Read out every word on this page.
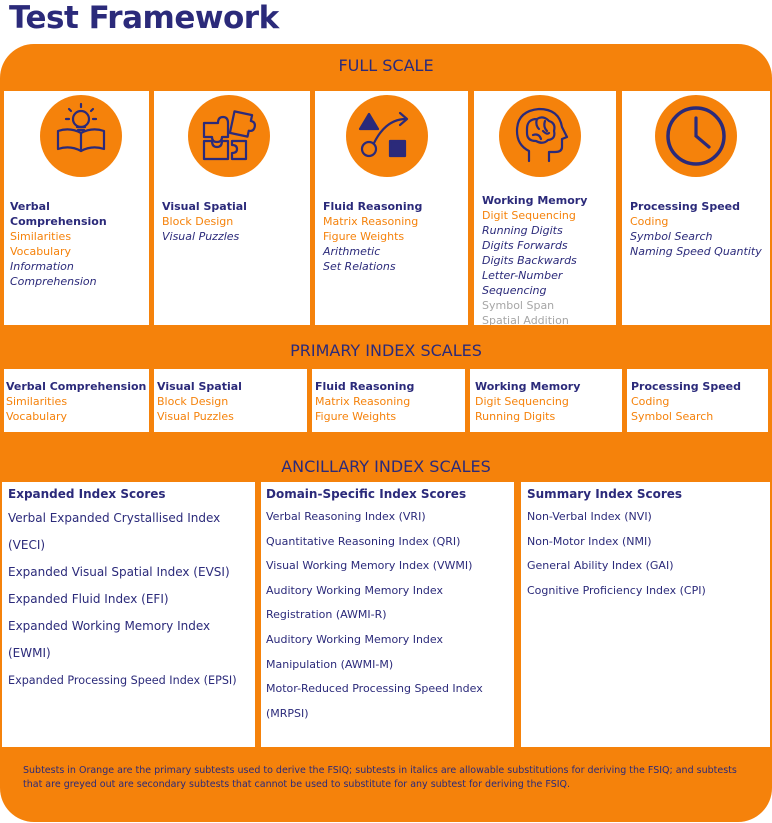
Test Framework
FULL SCALE
Verbal Comprehension
Similarities
Vocabulary
Information
Comprehension
Visual Spatial
Block Design
Visual Puzzles
Fluid Reasoning
Matrix Reasoning
Figure Weights
Arithmetic
Set Relations
Working Memory
Digit Sequencing
Running Digits
Digits Forwards
Digits Backwards
Letter-Number Sequencing
Symbol Span
Spatial Addition
Processing Speed
Coding
Symbol Search
Naming Speed Quantity
PRIMARY INDEX SCALES
Verbal Comprehension
Similarities
Vocabulary
Visual Spatial
Block Design
Visual Puzzles
Fluid Reasoning
Matrix Reasoning
Figure Weights
Working Memory
Digit Sequencing
Running Digits
Processing Speed
Coding
Symbol Search
ANCILLARY INDEX SCALES
Expanded Index Scores
Verbal Expanded Crystallised Index (VECI)
Expanded Visual Spatial Index (EVSI)
Expanded Fluid Index (EFI)
Expanded Working Memory Index (EWMI)
Expanded Processing Speed Index (EPSI)
Domain-Specific Index Scores
Verbal Reasoning Index (VRI)
Quantitative Reasoning Index (QRI)
Visual Working Memory Index (VWMI)
Auditory Working Memory Index Registration (AWMI-R)
Auditory Working Memory Index Manipulation (AWMI-M)
Motor-Reduced Processing Speed Index (MRPSI)
Summary Index Scores
Non-Verbal Index (NVI)
Non-Motor Index (NMI)
General Ability Index (GAI)
Cognitive Proficiency Index (CPI)
Subtests in Orange are the primary subtests used to derive the FSIQ; subtests in italics are allowable substitutions for deriving the FSIQ; and subtests that are greyed out are secondary subtests that cannot be used to substitute for any subtest for deriving the FSIQ.
